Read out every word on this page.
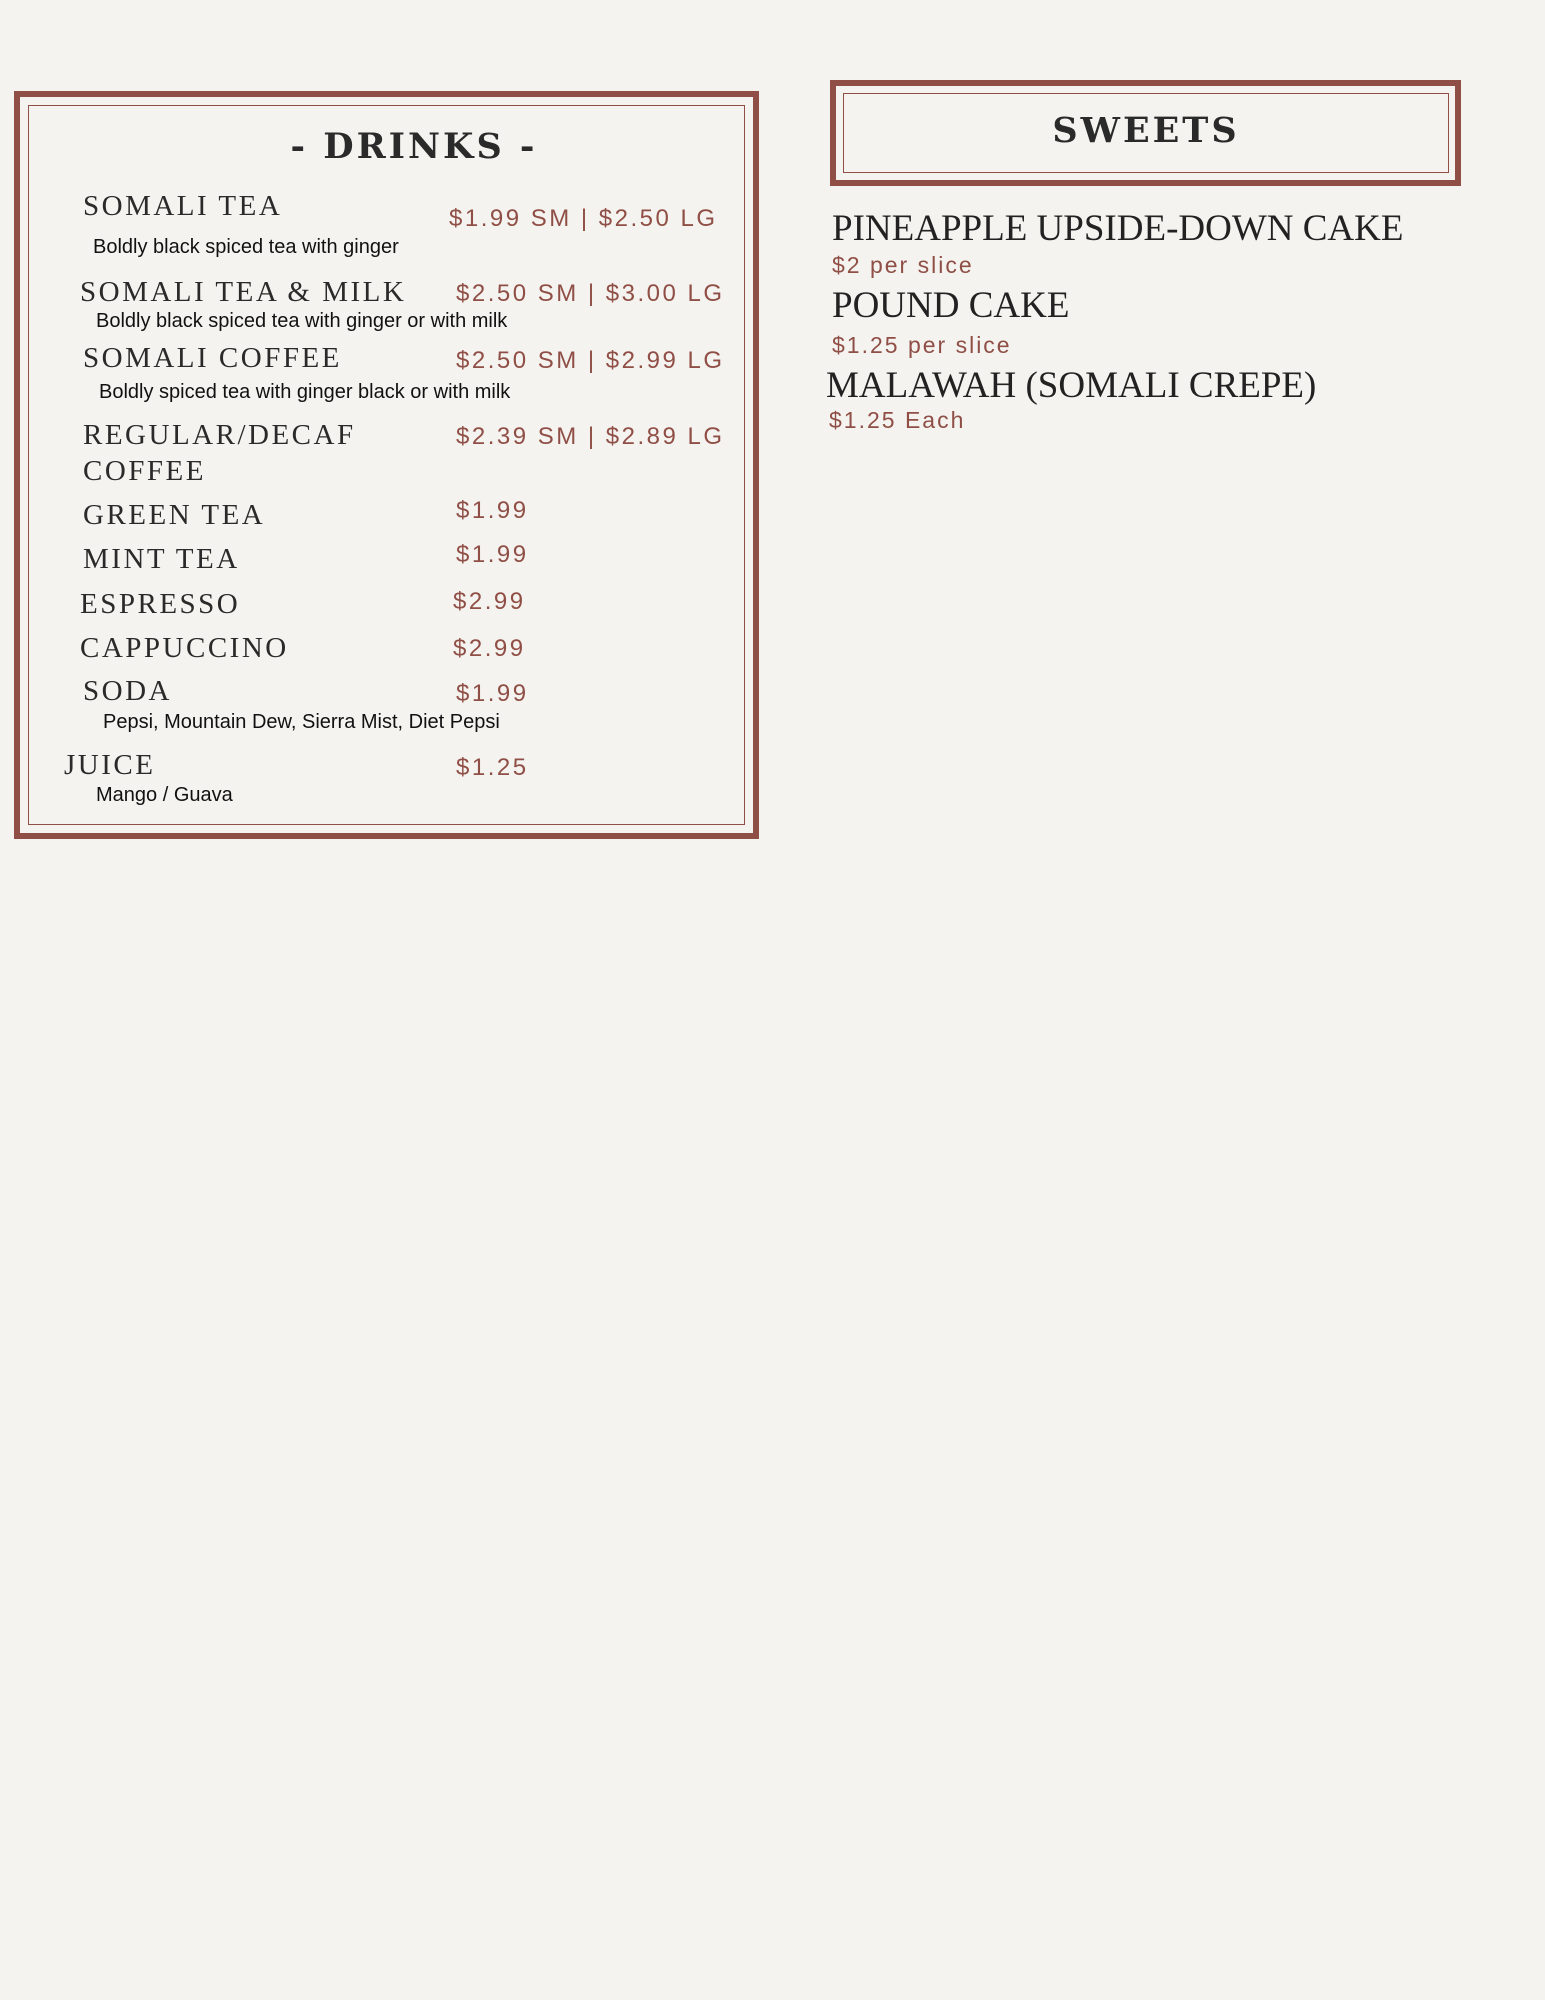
- DRINKS -
SOMALI TEA	$1.99 SM | $2.50 LG
Boldly black spiced tea with ginger
SOMALI TEA & MILK $2.50 SM | $3.00 LG
Boldly black spiced tea with ginger or with milk
SOMALI COFFEE	$2.50 SM | $2.99 LG
Boldly spiced tea with ginger black or with milk
REGULAR/DECAF
COFFEE
$2.39 SM | $2.89 LG
GREEN TEA	$1.99
MINT TEA	$1.99
ESPRESSO	$2.99
CAPPUCCINO	$2.99
SODA	$1.99
Pepsi, Mountain Dew, Sierra Mist, Diet Pepsi
JUICE	$1.25
Mango / Guava
SWEETS
PINEAPPLE UPSIDE-DOWN CAKE
$2 per slice
POUND CAKE
$1.25 per slice
MALAWAH (SOMALI CREPE)
$1.25 Each
